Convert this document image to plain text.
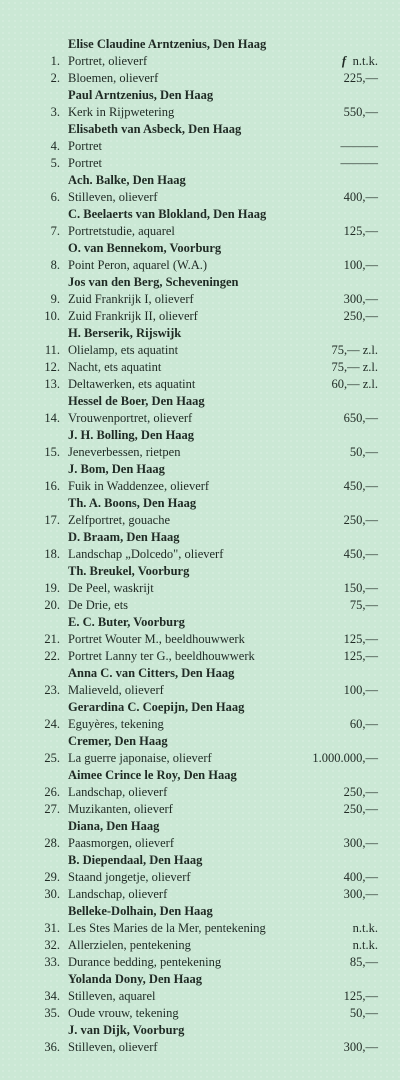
Elise Claudine Arntzenius, Den Haag
1. Portret, olieverf	f n.t.k.
2. Bloemen, olieverf	225,—
Paul Arntzenius, Den Haag
3. Kerk in Rijpwetering	550,—
Elisabeth van Asbeck, Den Haag
4. Portret	———
5. Portret	———
Ach. Balke, Den Haag
6. Stilleven, olieverf	400,—
C. Beelaerts van Blokland, Den Haag
7. Portretstudie, aquarel	125,—
O. van Bennekom, Voorburg
8. Point Peron, aquarel (W.A.)	100,—
Jos van den Berg, Scheveningen
9. Zuid Frankrijk I, olieverf	300,—
10. Zuid Frankrijk II, olieverf	250,—
H. Berserik, Rijswijk
11. Olielamp, ets aquatint	75,— z.l.
12. Nacht, ets aquatint	75,— z.l.
13. Deltawerken, ets aquatint	60,— z.l.
Hessel de Boer, Den Haag
14. Vrouwenportret, olieverf	650,—
J. H. Bolling, Den Haag
15. Jeneverbessen, rietpen	50,—
J. Bom, Den Haag
16. Fuik in Waddenzee, olieverf	450,—
Th. A. Boons, Den Haag
17. Zelfportret, gouache	250,—
D. Braam, Den Haag
18. Landschap „Dolcedo", olieverf	450,—
Th. Breukel, Voorburg
19. De Peel, waskrijt	150,—
20. De Drie, ets	75,—
E. C. Buter, Voorburg
21. Portret Wouter M., beeldhouwwerk	125,—
22. Portret Lanny ter G., beeldhouwwerk	125,—
Anna C. van Citters, Den Haag
23. Malieveld, olieverf	100,—
Gerardina C. Coepijn, Den Haag
24. Eguyères, tekening	60,—
Cremer, Den Haag
25. La guerre japonaise, olieverf	1.000.000,—
Aimee Crince le Roy, Den Haag
26. Landschap, olieverf	250,—
27. Muzikanten, olieverf	250,—
Diana, Den Haag
28. Paasmorgen, olieverf	300,—
B. Diependaal, Den Haag
29. Staand jongetje, olieverf	400,—
30. Landschap, olieverf	300,—
Belleke-Dolhain, Den Haag
31. Les Stes Maries de la Mer, pentekening	n.t.k.
32. Allerzielen, pentekening	n.t.k.
33. Durance bedding, pentekening	85,—
Yolanda Dony, Den Haag
34. Stilleven, aquarel	125,—
35. Oude vrouw, tekening	50,—
J. van Dijk, Voorburg
36. Stilleven, olieverf	300,—
